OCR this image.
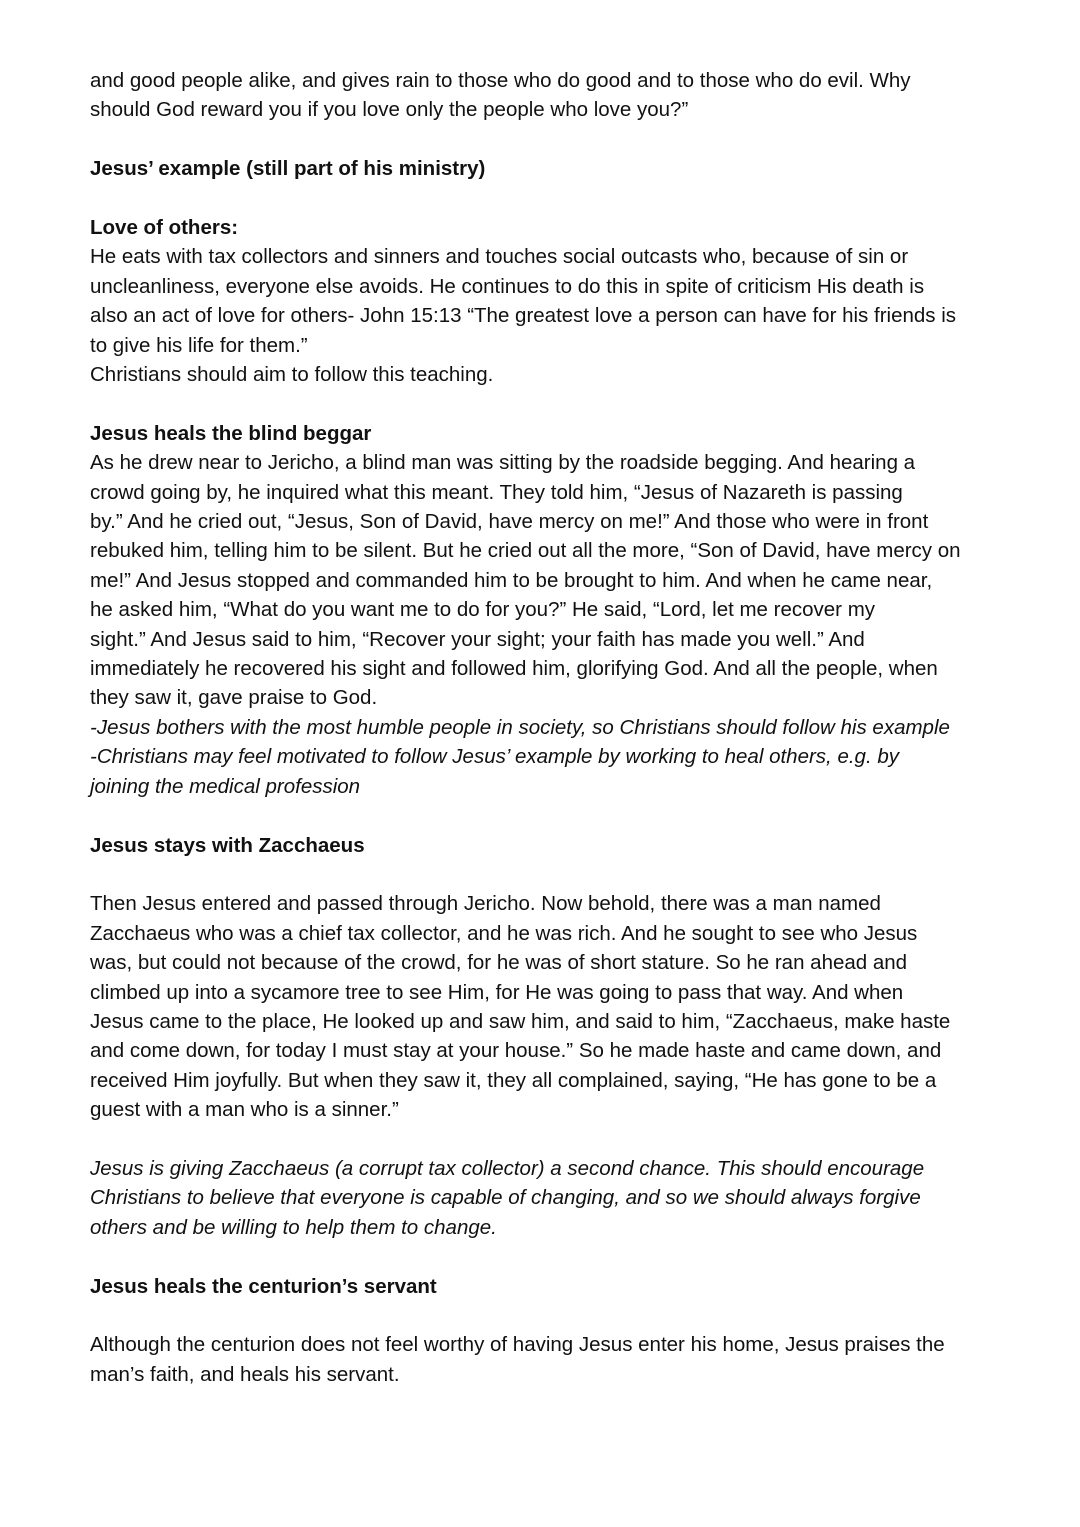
and good people alike, and gives rain to those who do good and to those who do evil. Why

should God reward you if you love only the people who love you?”

Jesus’ example (still part of his ministry)

Love of others:

He eats with tax collectors and sinners and touches social outcasts who, because of sin or

uncleanliness, everyone else avoids. He continues to do this in spite of criticism His death is

also an act of love for others- John 15:13 “The greatest love a person can have for his friends is

to give his life for them.”

Christians should aim to follow this teaching.

Jesus heals the blind beggar

As he drew near to Jericho, a blind man was sitting by the roadside begging. And hearing a

crowd going by, he inquired what this meant. They told him, “Jesus of Nazareth is passing

by.” And he cried out, “Jesus, Son of David, have mercy on me!” And those who were in front

rebuked him, telling him to be silent. But he cried out all the more, “Son of David, have mercy on

me!” And Jesus stopped and commanded him to be brought to him. And when he came near,

he asked him, “What do you want me to do for you?” He said, “Lord, let me recover my

sight.” And Jesus said to him, “Recover your sight; your faith has made you well.” And

immediately he recovered his sight and followed him, glorifying God. And all the people, when

they saw it, gave praise to God.

-Jesus bothers with the most humble people in society, so Christians should follow his example

-Christians may feel motivated to follow Jesus’ example by working to heal others, e.g. by

joining the medical profession

Jesus stays with Zacchaeus

Then Jesus entered and passed through Jericho. Now behold, there was a man named

Zacchaeus who was a chief tax collector, and he was rich. And he sought to see who Jesus

was, but could not because of the crowd, for he was of short stature. So he ran ahead and

climbed up into a sycamore tree to see Him, for He was going to pass that way. And when

Jesus came to the place, He looked up and saw him, and said to him, “Zacchaeus, make haste

and come down, for today I must stay at your house.” So he made haste and came down, and

received Him joyfully. But when they saw it, they all complained, saying, “He has gone to be a

guest with a man who is a sinner.”

Jesus is giving Zacchaeus (a corrupt tax collector) a second chance. This should encourage

Christians to believe that everyone is capable of changing, and so we should always forgive

others and be willing to help them to change.

Jesus heals the centurion’s servant

Although the centurion does not feel worthy of having Jesus enter his home, Jesus praises the

man’s faith, and heals his servant.
